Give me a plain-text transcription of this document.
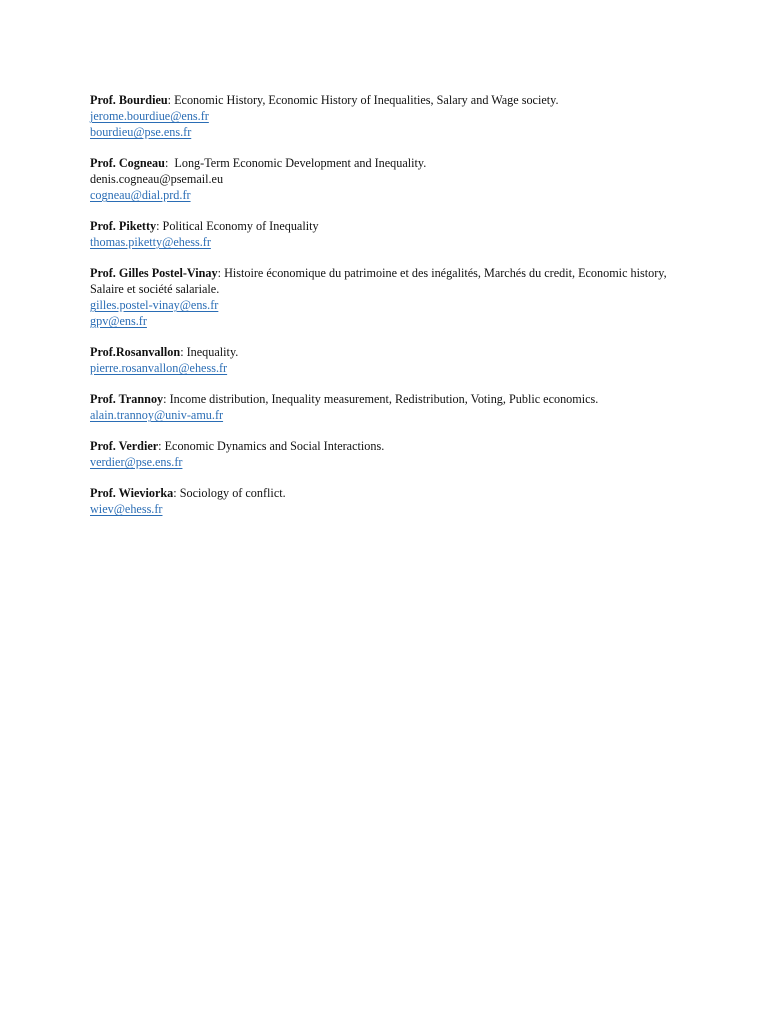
Prof. Bourdieu: Economic History, Economic History of Inequalities, Salary and Wage society.
jerome.bourdiue@ens.fr
bourdieu@pse.ens.fr
Prof. Cogneau:  Long-Term Economic Development and Inequality.
denis.cogneau@psemail.eu
cogneau@dial.prd.fr
Prof. Piketty: Political Economy of Inequality
thomas.piketty@ehess.fr
Prof. Gilles Postel-Vinay: Histoire économique du patrimoine et des inégalités, Marchés du credit, Economic history, Salaire et société salariale.
gilles.postel-vinay@ens.fr
gpv@ens.fr
Prof.Rosanvallon: Inequality.
pierre.rosanvallon@ehess.fr
Prof. Trannoy: Income distribution, Inequality measurement, Redistribution, Voting, Public economics.
alain.trannoy@univ-amu.fr
Prof. Verdier: Economic Dynamics and Social Interactions.
verdier@pse.ens.fr
Prof. Wieviorka: Sociology of conflict.
wiev@ehess.fr
